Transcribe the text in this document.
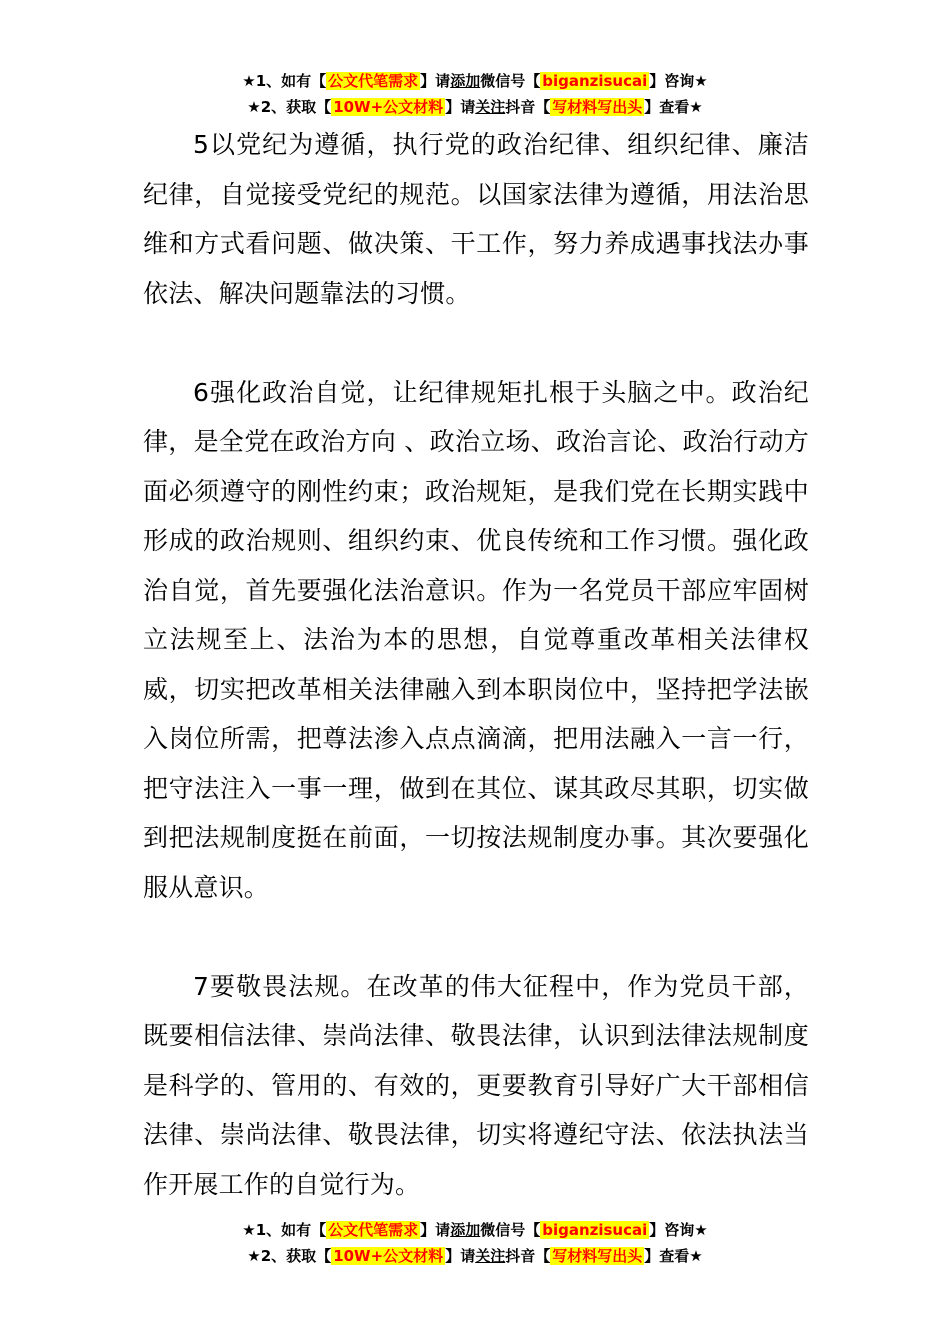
★1、如有【 公文代笔需求 】请添加微信号【 biganzisucai 】咨询★
★2、获取【 10W+公文材料 】请关注抖音【 写材料写出头 】查看★

5以党纪为遵循，执行党的政治纪律、组织纪律、廉洁纪律，自觉接受党纪的规范。以国家法律为遵循，用法治思维和方式看问题、做决策、干工作，努力养成遇事找法办事依法、解决问题靠法的习惯。

6强化政治自觉，让纪律规矩扎根于头脑之中。政治纪律，是全党在政治方向 、政治立场、政治言论、政治行动方面必须遵守的刚性约束；政治规矩，是我们党在长期实践中形成的政治规则、组织约束、优良传统和工作习惯。强化政治自觉，首先要强化法治意识。作为一名党员干部应牢固树立法规至上、法治为本的思想，自觉尊重改革相关法律权威，切实把改革相关法律融入到本职岗位中，坚持把学法嵌入岗位所需，把尊法渗入点点滴滴，把用法融入一言一行，把守法注入一事一理，做到在其位、谋其政尽其职，切实做到把法规制度挺在前面，一切按法规制度办事。其次要强化服从意识。

7要敬畏法规。在改革的伟大征程中，作为党员干部，既要相信法律、崇尚法律、敬畏法律，认识到法律法规制度是科学的、管用的、有效的，更要教育引导好广大干部相信法律、崇尚法律、敬畏法律，切实将遵纪守法、依法执法当作开展工作的自觉行为。

★1、如有【 公文代笔需求 】请添加微信号【 biganzisucai 】咨询★
★2、获取【 10W+公文材料 】请关注抖音【 写材料写出头 】查看★
